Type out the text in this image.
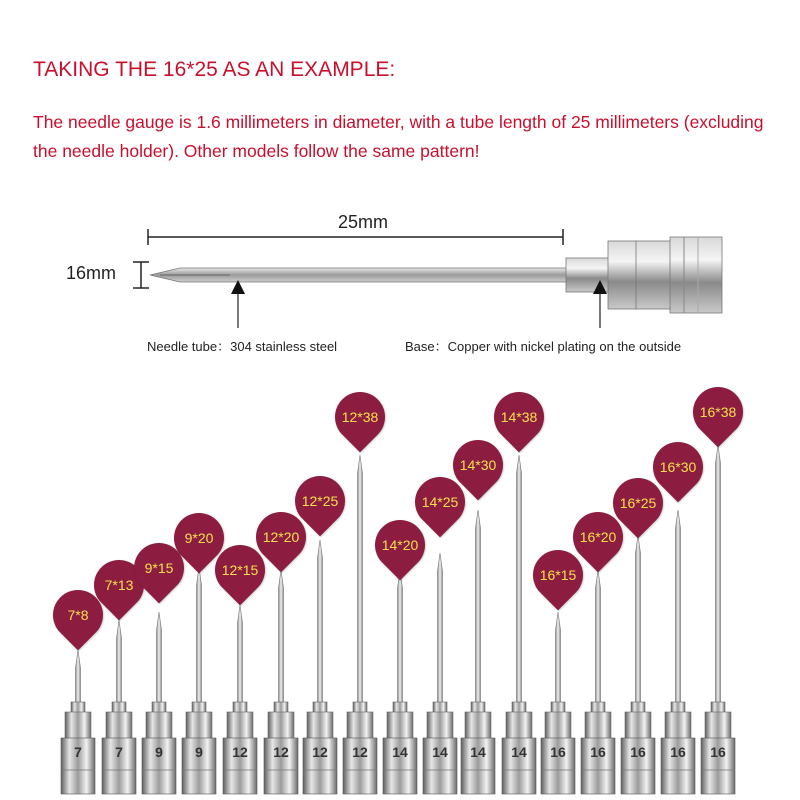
TAKING THE 16*25 AS AN EXAMPLE:
The needle gauge is 1.6 millimeters in diameter, with a tube length of 25 millimeters (excluding the needle holder). Other models follow the same pattern!
25mm
16mm
Needle tube：304 stainless steel	Base：Copper with nickel plating on the outside
7*8
7
7*13
7
9*15
9
9*20
9
12*15
12
12*20
12
12*25
12
12*38
12
14*20
14
14*25
14
14*30
14
14*38
14
16*15
16
16*20
16
16*25
16
16*30
16
16*38
16
